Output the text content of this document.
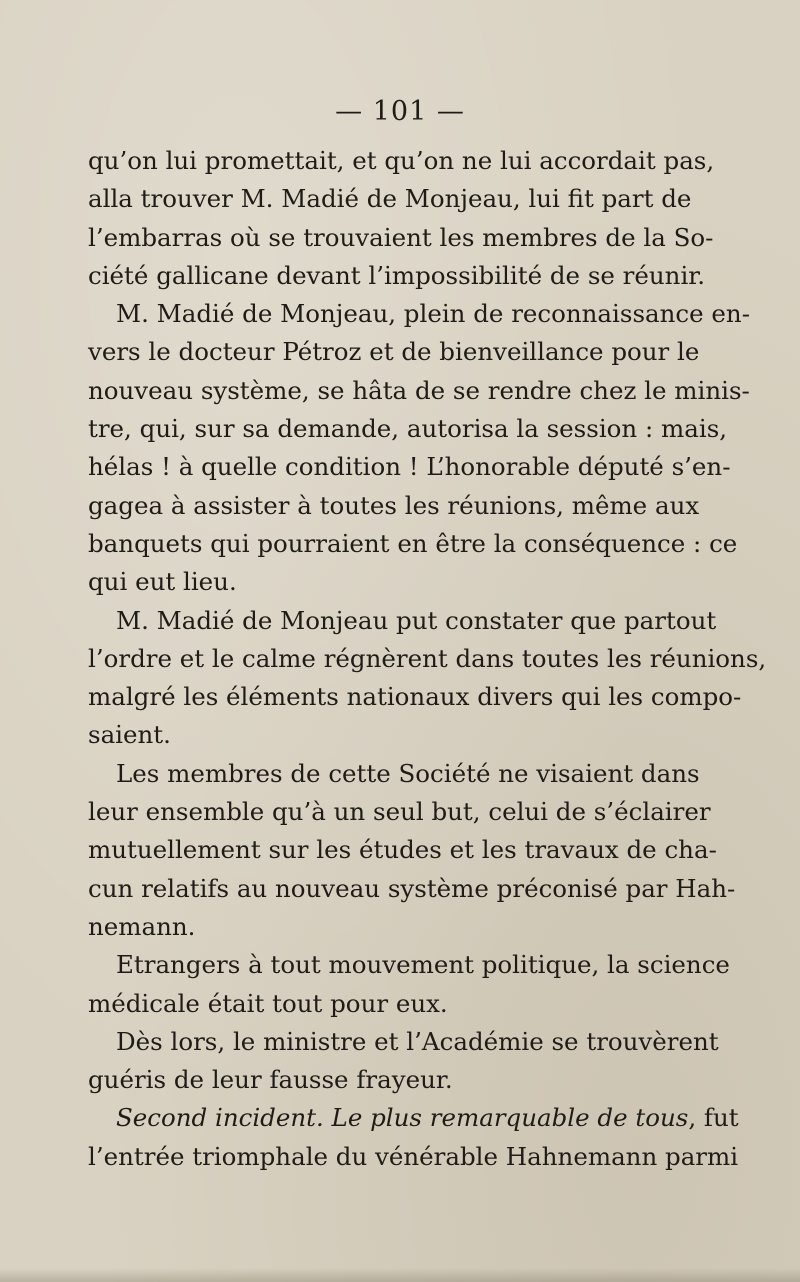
— 101 —
qu’on lui promettait, et qu’on ne lui accordait pas,
alla trouver M. Madié de Monjeau, lui fit part de
l’embarras où se trouvaient les membres de la So-
ciété gallicane devant l’impossibilité de se réunir.
M. Madié de Monjeau, plein de reconnaissance en-
vers le docteur Pétroz et de bienveillance pour le
nouveau système, se hâta de se rendre chez le minis-
tre, qui, sur sa demande, autorisa la session : mais,
hélas ! à quelle condition ! L’honorable député s’en-
gagea à assister à toutes les réunions, même aux
banquets qui pourraient en être la conséquence : ce
qui eut lieu.
M. Madié de Monjeau put constater que partout
l’ordre et le calme régnèrent dans toutes les réunions,
malgré les éléments nationaux divers qui les compo-
saient.
Les membres de cette Société ne visaient dans
leur ensemble qu’à un seul but, celui de s’éclairer
mutuellement sur les études et les travaux de cha-
cun relatifs au nouveau système préconisé par Hah-
nemann.
Etrangers à tout mouvement politique, la science
médicale était tout pour eux.
Dès lors, le ministre et l’Académie se trouvèrent
guéris de leur fausse frayeur.
Second incident. Le plus remarquable de tous, fut
l’entrée triomphale du vénérable Hahnemann parmi
